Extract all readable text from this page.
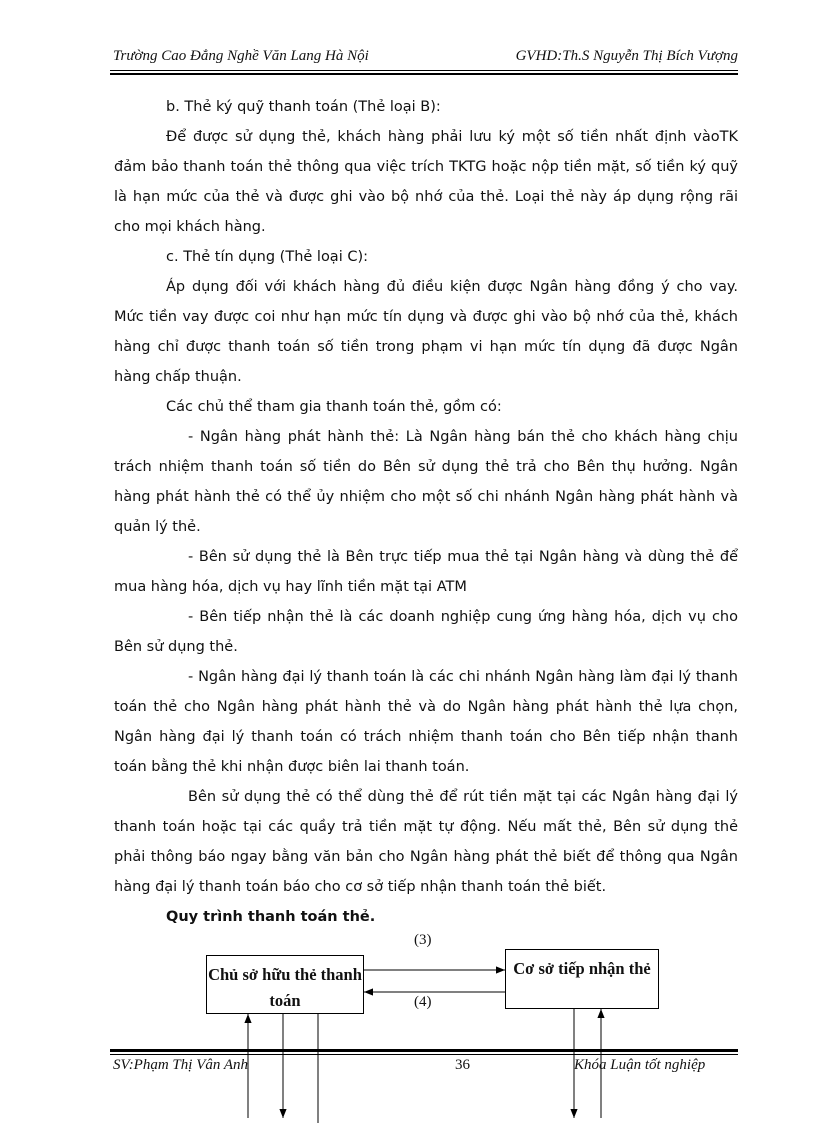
Trường Cao Đẳng Nghề Văn Lang Hà Nội	GVHD:Th.S Nguyễn Thị Bích Vượng
b. Thẻ ký quỹ thanh toán (Thẻ loại B):
Để được sử dụng thẻ, khách hàng phải lưu ký một số tiền nhất định vàoTK đảm bảo thanh toán thẻ thông qua việc trích TKTG hoặc nộp tiền mặt, số tiền ký quỹ là hạn mức của thẻ và được ghi vào bộ nhớ của thẻ. Loại thẻ này áp dụng rộng rãi cho mọi khách hàng.
c. Thẻ tín dụng (Thẻ loại C):
Áp dụng đối với khách hàng đủ điều kiện được Ngân hàng đồng ý cho vay. Mức tiền vay được coi như hạn mức tín dụng và được ghi vào bộ nhớ của thẻ, khách hàng chỉ được thanh toán số tiền trong phạm vi hạn mức tín dụng đã được Ngân hàng chấp thuận.
Các chủ thể tham gia thanh toán thẻ, gồm có:
- Ngân hàng phát hành thẻ: Là Ngân hàng bán thẻ cho khách hàng chịu trách nhiệm thanh toán số tiền do Bên sử dụng thẻ trả cho Bên thụ hưởng. Ngân hàng phát hành thẻ có thể ủy nhiệm cho một số chi nhánh Ngân hàng phát hành và quản lý thẻ.
- Bên sử dụng thẻ là Bên trực tiếp mua thẻ tại Ngân hàng và dùng thẻ để mua hàng hóa, dịch vụ hay lĩnh tiền mặt tại ATM
- Bên tiếp nhận thẻ là các doanh nghiệp cung ứng hàng hóa, dịch vụ cho Bên sử dụng thẻ.
- Ngân hàng đại lý thanh toán là các chi nhánh Ngân hàng làm đại lý thanh toán thẻ cho Ngân hàng phát hành thẻ và do Ngân hàng phát hành thẻ lựa chọn, Ngân hàng đại lý thanh toán có trách nhiệm thanh toán cho Bên tiếp nhận thanh toán bằng thẻ khi nhận được biên lai thanh toán.
Bên sử dụng thẻ có thể dùng thẻ để rút tiền mặt tại các Ngân hàng đại lý thanh toán hoặc tại các quầy trả tiền mặt tự động. Nếu mất thẻ, Bên sử dụng thẻ phải thông báo ngay bằng văn bản cho Ngân hàng phát thẻ biết để thông qua Ngân hàng đại lý thanh toán báo cho cơ sở tiếp nhận thanh toán thẻ biết.
Quy trình thanh toán thẻ.
Chủ sở hữu thẻ thanh toán
Cơ sở tiếp nhận thẻ
(3)
(4)
SV:Phạm Thị Vân Anh	36	Khóa Luận tốt nghiệp
